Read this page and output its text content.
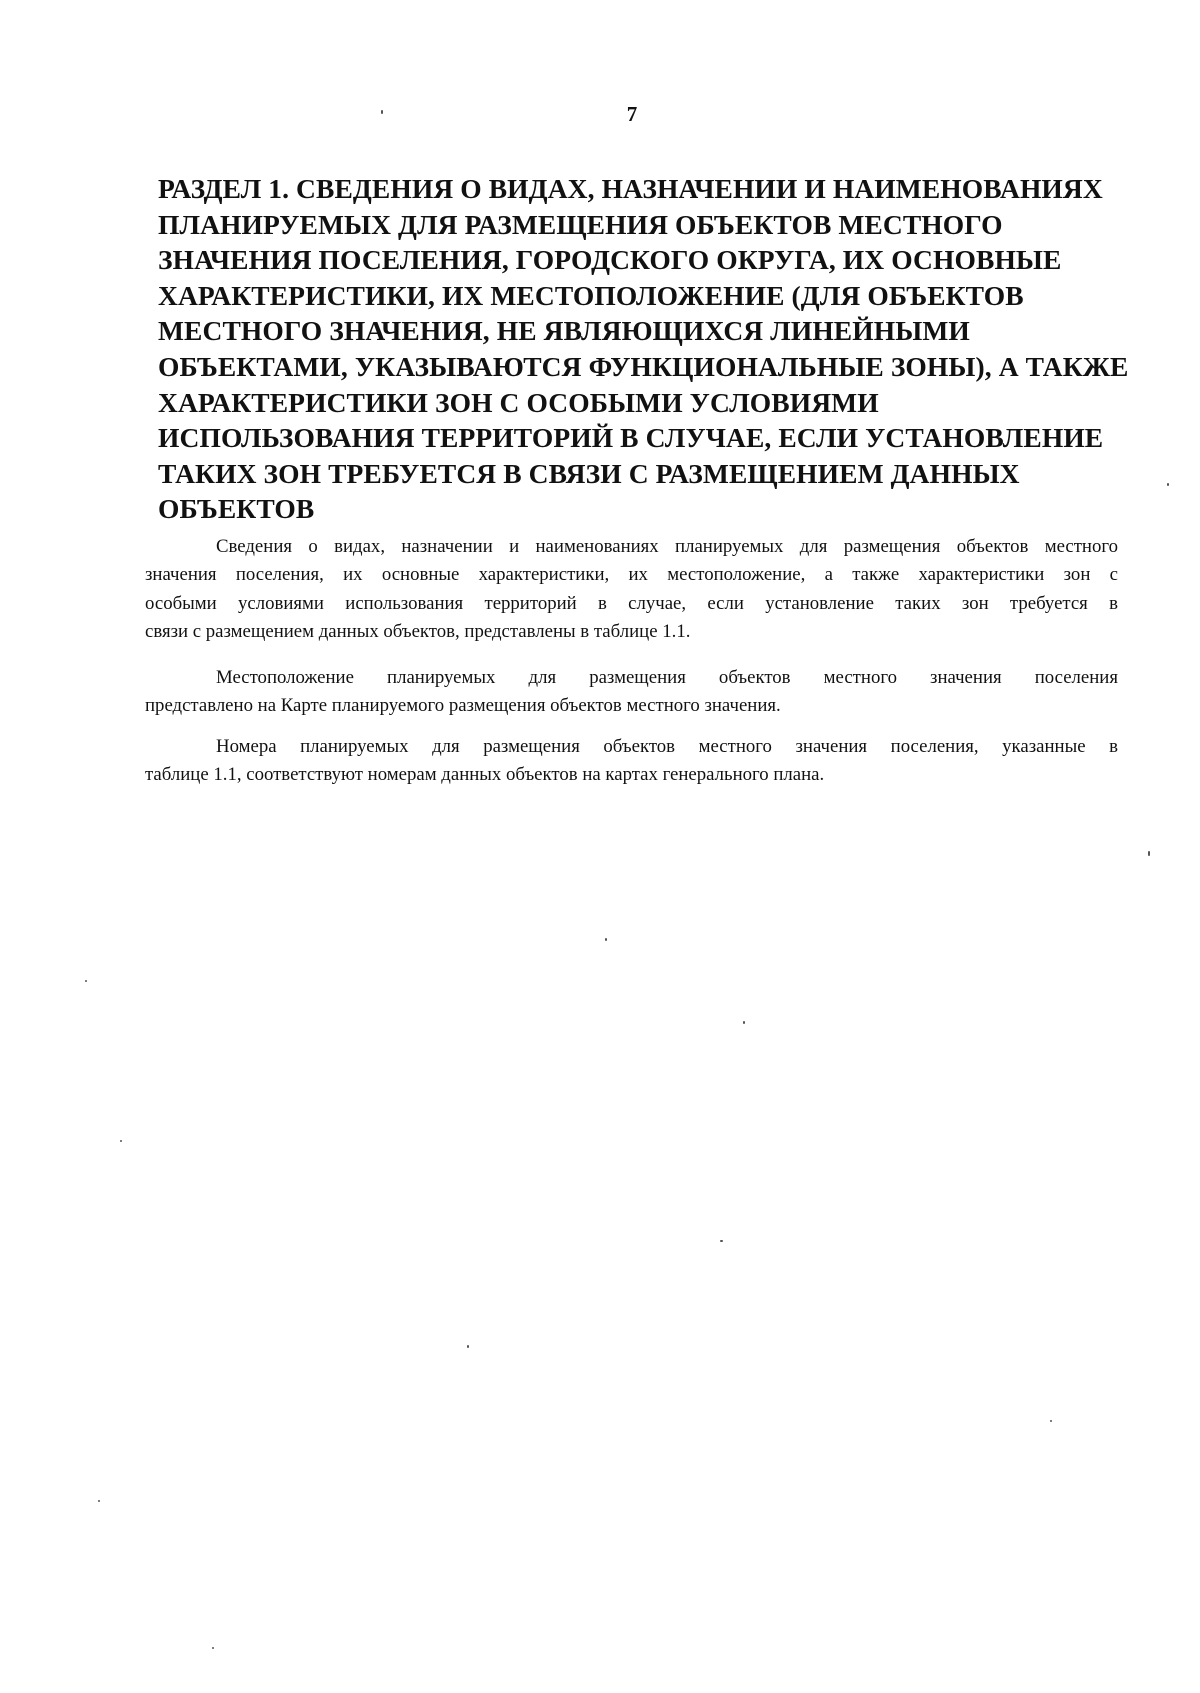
7
РАЗДЕЛ 1. СВЕДЕНИЯ О ВИДАХ, НАЗНАЧЕНИИ И НАИМЕНОВАНИЯХ
ПЛАНИРУЕМЫХ ДЛЯ РАЗМЕЩЕНИЯ ОБЪЕКТОВ МЕСТНОГО
ЗНАЧЕНИЯ ПОСЕЛЕНИЯ, ГОРОДСКОГО ОКРУГА, ИХ ОСНОВНЫЕ
ХАРАКТЕРИСТИКИ, ИХ МЕСТОПОЛОЖЕНИЕ (ДЛЯ ОБЪЕКТОВ
МЕСТНОГО ЗНАЧЕНИЯ, НЕ ЯВЛЯЮЩИХСЯ ЛИНЕЙНЫМИ
ОБЪЕКТАМИ, УКАЗЫВАЮТСЯ ФУНКЦИОНАЛЬНЫЕ ЗОНЫ), А ТАКЖЕ
ХАРАКТЕРИСТИКИ ЗОН С ОСОБЫМИ УСЛОВИЯМИ
ИСПОЛЬЗОВАНИЯ ТЕРРИТОРИЙ В СЛУЧАЕ, ЕСЛИ УСТАНОВЛЕНИЕ
ТАКИХ ЗОН ТРЕБУЕТСЯ В СВЯЗИ С РАЗМЕЩЕНИЕМ ДАННЫХ
ОБЪЕКТОВ
Сведения о видах, назначении и наименованиях планируемых для размещения объектов местного
значения поселения, их основные характеристики, их местоположение, а также характеристики зон с
особыми условиями использования территорий в случае, если установление таких зон требуется в
связи с размещением данных объектов, представлены в таблице 1.1.
Местоположение планируемых для размещения объектов местного значения поселения
представлено на Карте планируемого размещения объектов местного значения.
Номера планируемых для размещения объектов местного значения поселения, указанные в
таблице 1.1, соответствуют номерам данных объектов на картах генерального плана.
